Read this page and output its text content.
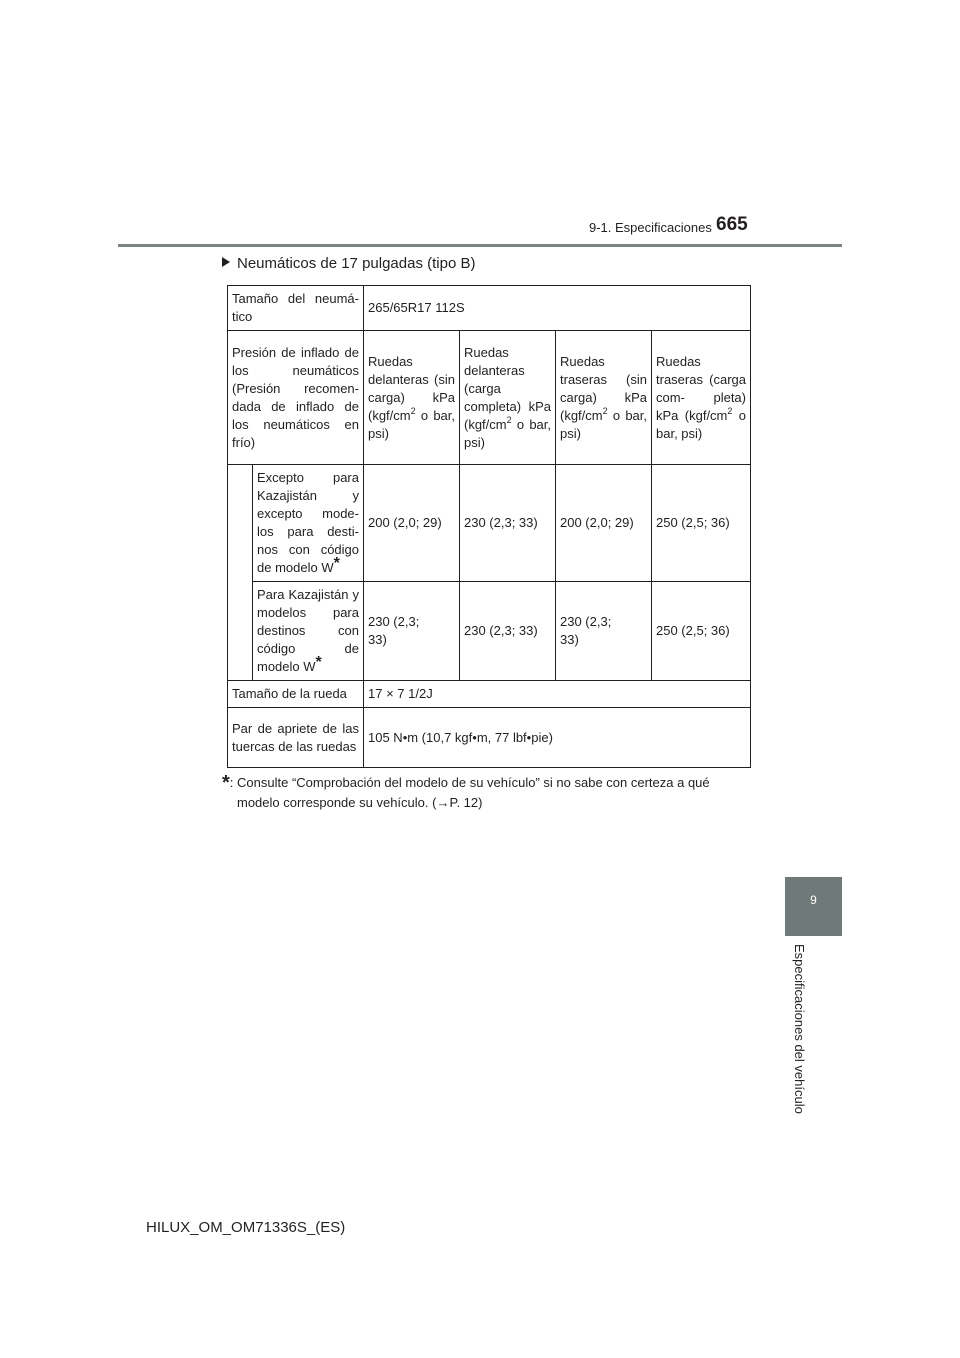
9-1. Especificaciones 665
9
Especificaciones del vehículo
Neumáticos de 17 pulgadas (tipo B)
Tamaño del neumá- tico		265/65R17 112S			
Presión de inflado de los neumáticos (Presión recomen- dada de inflado de los neumáticos en frío)		Ruedas delanteras (sin carga) kPa ($kgf/cm^2$ o bar, psi)	Ruedas delanteras (carga completa) kPa ($kgf/cm^2$ o bar, psi)	Ruedas traseras (sin carga) kPa ($kgf/cm^2$ o bar, psi)	Ruedas traseras (carga com- pleta) kPa ($kgf/cm^2$ o bar, psi)
	Excepto para Kazajistán y excepto mode- los para desti- nos con código de modelo W*	200 (2,0; 29)	230 (2,3; 33)	200 (2,0; 29)	250 (2,5; 36)
	Para Kazajistán y modelos para destinos con código de modelo W*	230 (2,3; 33)	230 (2,3; 33)	230 (2,3; 33)	250 (2,5; 36)
Tamaño de la rueda		17 × 7 1/2J			
Par de apriete de las tuercas de las ruedas		105 N•m (10,7 kgf•m, 77 lbf•pie)			
*: Consulte “Comprobación del modelo de su vehículo” si no sabe con certeza a qué
modelo corresponde su vehículo. (→P. 12)
HILUX_OM_OM71336S_(ES)
